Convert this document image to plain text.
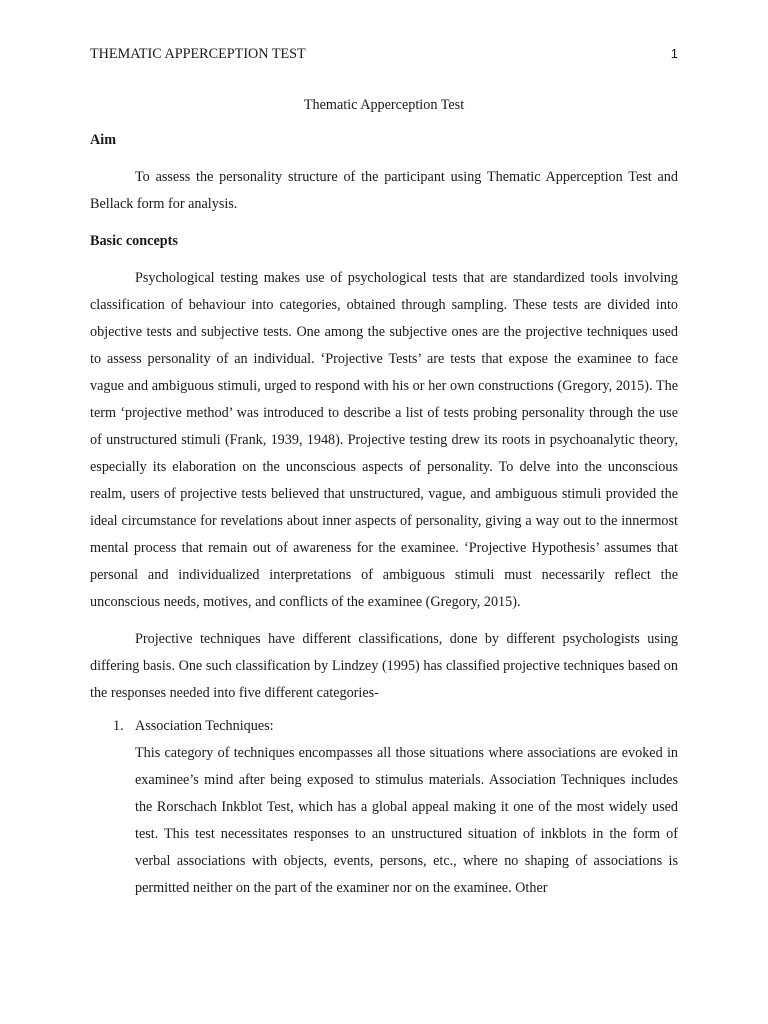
THEMATIC APPERCEPTION TEST	1
Thematic Apperception Test
Aim

To assess the personality structure of the participant using Thematic Apperception Test and Bellack form for analysis.

Basic concepts

Psychological testing makes use of psychological tests that are standardized tools involving classification of behaviour into categories, obtained through sampling. These tests are divided into objective tests and subjective tests. One among the subjective ones are the projective techniques used to assess personality of an individual. ‘Projective Tests’ are tests that expose the examinee to face vague and ambiguous stimuli, urged to respond with his or her own constructions (Gregory, 2015). The term ‘projective method’ was introduced to describe a list of tests probing personality through the use of unstructured stimuli (Frank, 1939, 1948). Projective testing drew its roots in psychoanalytic theory, especially its elaboration on the unconscious aspects of personality. To delve into the unconscious realm, users of projective tests believed that unstructured, vague, and ambiguous stimuli provided the ideal circumstance for revelations about inner aspects of personality, giving a way out to the innermost mental process that remain out of awareness for the examinee. ‘Projective Hypothesis’ assumes that personal and individualized interpretations of ambiguous stimuli must necessarily reflect the unconscious needs, motives, and conflicts of the examinee (Gregory, 2015).

Projective techniques have different classifications, done by different psychologists using differing basis. One such classification by Lindzey (1995) has classified projective techniques based on the responses needed into five different categories-

1. Association Techniques:

This category of techniques encompasses all those situations where associations are evoked in examinee’s mind after being exposed to stimulus materials. Association Techniques includes the Rorschach Inkblot Test, which has a global appeal making it one of the most widely used test. This test necessitates responses to an unstructured situation of inkblots in the form of verbal associations with objects, events, persons, etc., where no shaping of associations is permitted neither on the part of the examiner nor on the examinee. Other
